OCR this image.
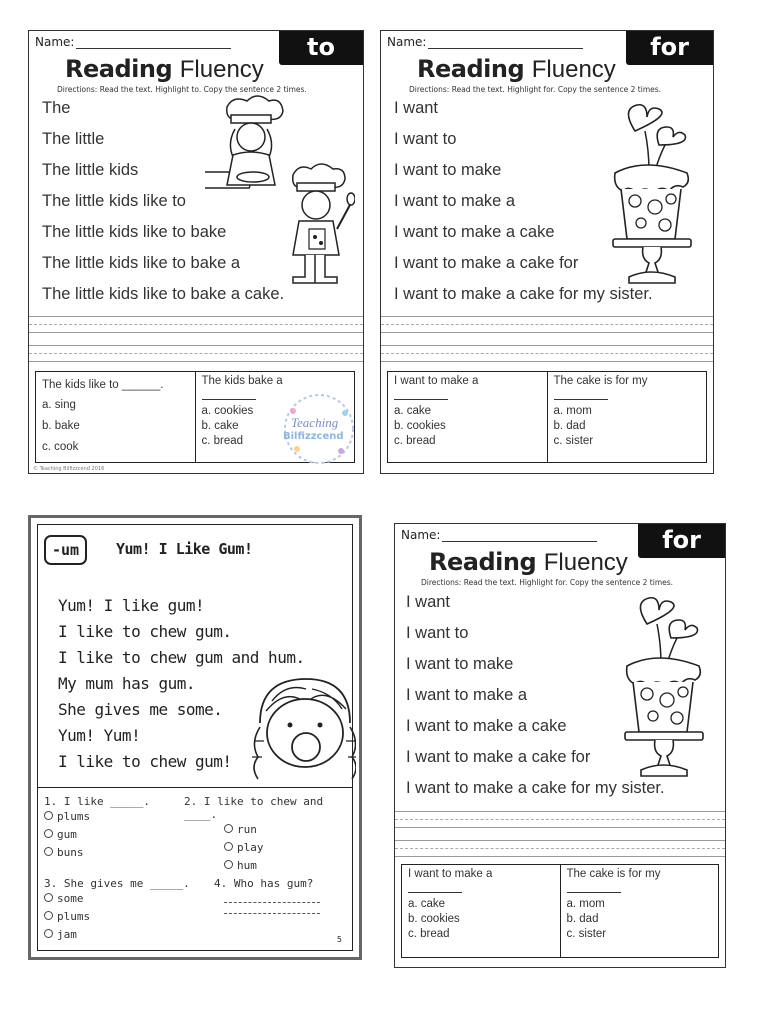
Name:	to
Reading Fluency
Directions: Read the text. Highlight to. Copy the sentence 2 times.
The
The little
The little kids
The little kids like to
The little kids like to bake
The little kids like to bake a
The little kids like to bake a cake.
The kids like to ______.
a. sing
b. bake
c. cook
The kids bake a
a. cookies
b. cake
c. bread
Teaching
Bilfizzcend
© Teaching Bilfizzcend 2016
Name:	for
Reading Fluency
Directions: Read the text. Highlight for. Copy the sentence 2 times.
I want
I want to
I want to make
I want to make a
I want to make a cake
I want to make a cake for
I want to make a cake for my sister.
I want to make a
a. cake
b. cookies
c. bread
The cake is for my
a. mom
b. dad
c. sister
-um	Yum! I Like Gum!
Yum! I like gum!
I like to chew gum.
I like to chew gum and hum.
My mum has gum.
She gives me some.
Yum! Yum!
I like to chew gum!
1. I like _____.
plums
gum
buns
2. I like to chew and ____.
run
play
hum
3. She gives me _____.
some
plums
jam
4. Who has gum?
5
Name:	for
Reading Fluency
Directions: Read the text. Highlight for. Copy the sentence 2 times.
I want
I want to
I want to make
I want to make a
I want to make a cake
I want to make a cake for
I want to make a cake for my sister.
I want to make a
a. cake
b. cookies
c. bread
The cake is for my
a. mom
b. dad
c. sister
